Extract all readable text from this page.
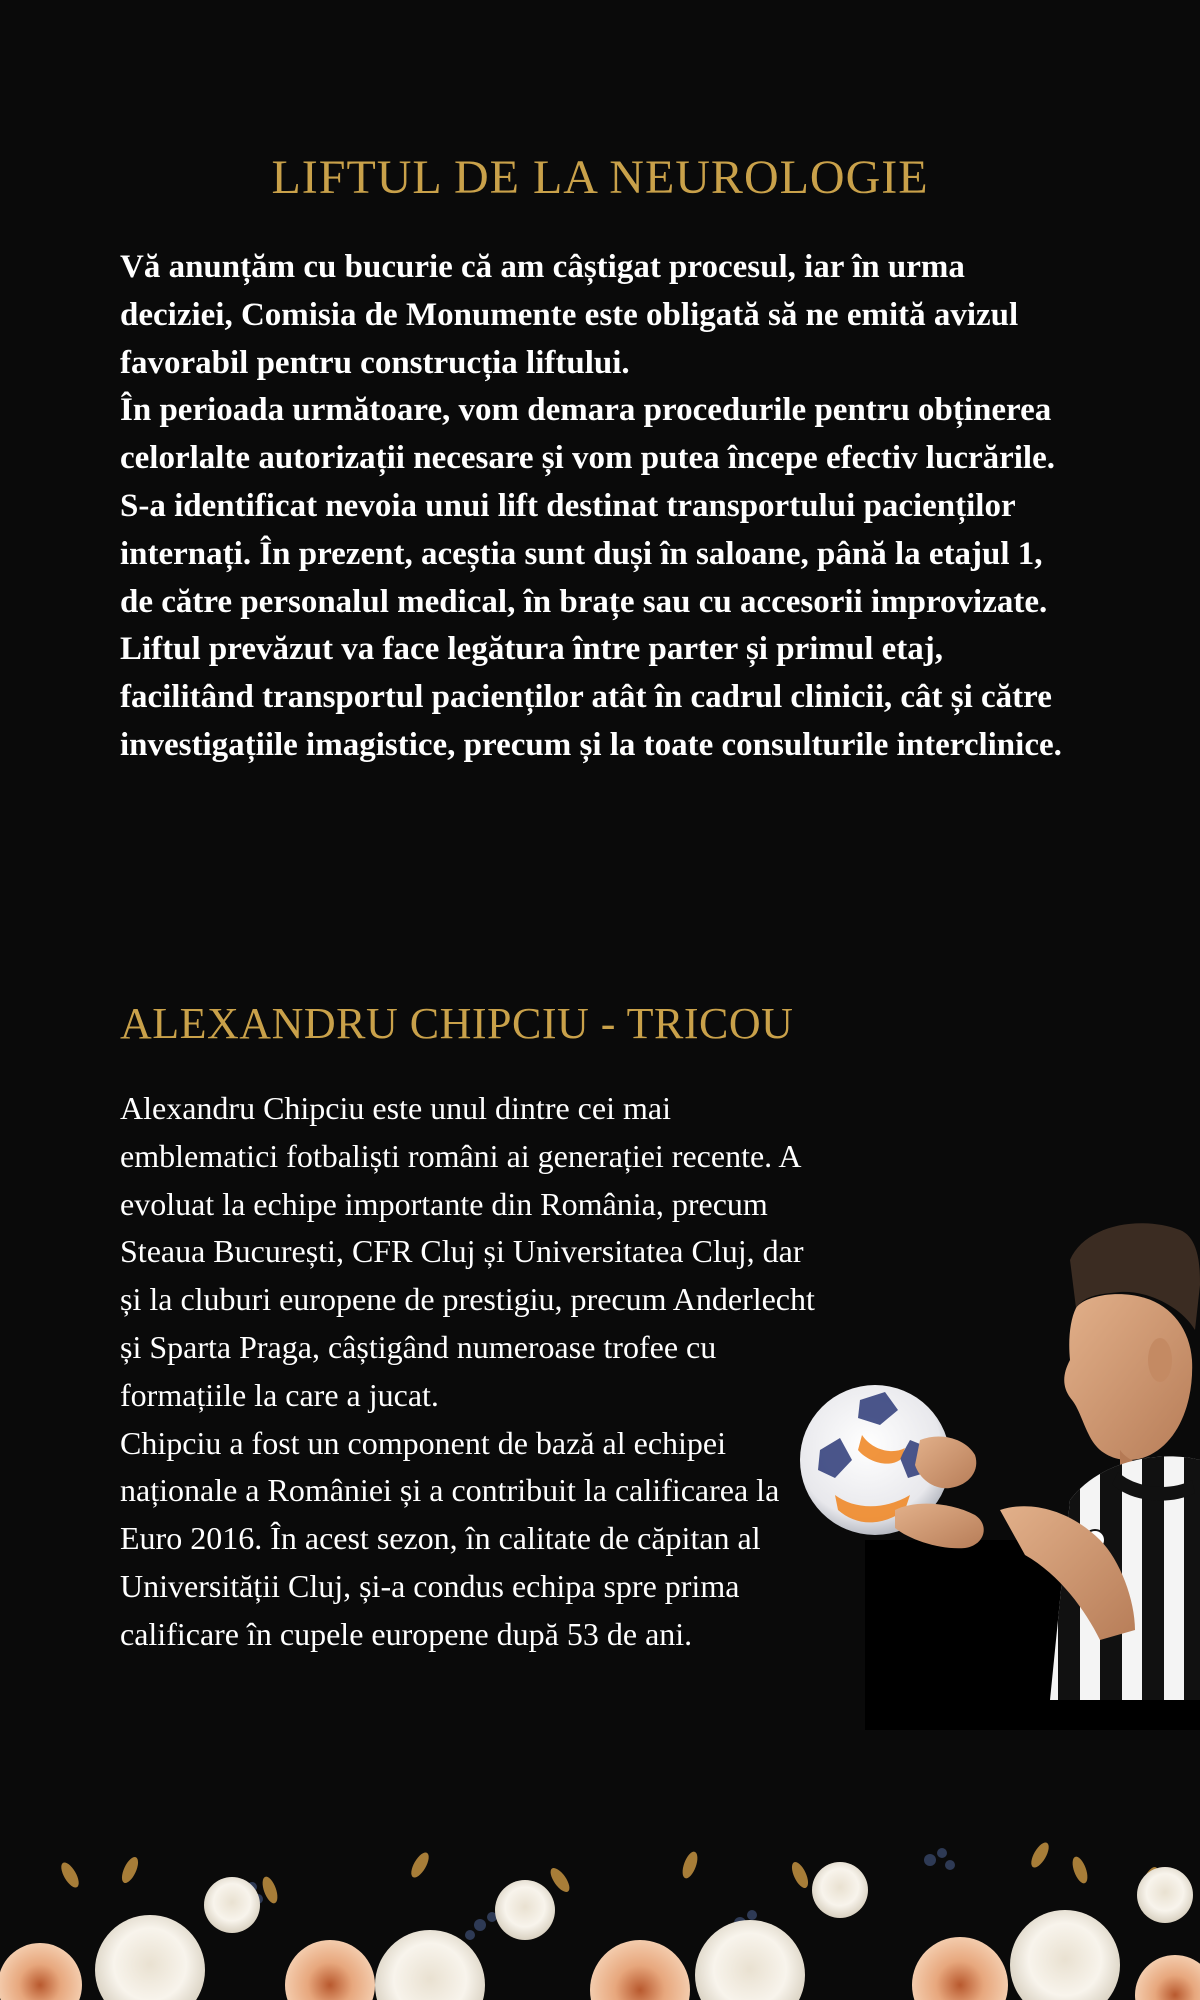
LIFTUL DE LA NEUROLOGIE

Vă anunțăm cu bucurie că am câștigat procesul, iar în urma deciziei, Comisia de Monumente este obligată să ne emită avizul favorabil pentru construcția liftului.

În perioada următoare, vom demara procedurile pentru obținerea celorlalte autorizații necesare și vom putea începe efectiv lucrările.

S-a identificat nevoia unui lift destinat transportului pacienților internați. În prezent, aceștia sunt duși în saloane, până la etajul 1, de către personalul medical, în brațe sau cu accesorii improvizate. Liftul prevăzut va face legătura între parter și primul etaj, facilitând transportul pacienților atât în cadrul clinicii, cât și către investigațiile imagistice, precum și la toate consulturile interclinice.

ALEXANDRU CHIPCIU - TRICOU

Alexandru Chipciu este unul dintre cei mai emblematici fotbaliști români ai generației recente. A evoluat la echipe importante din România, precum Steaua București, CFR Cluj și Universitatea Cluj, dar și la cluburi europene de prestigiu, precum Anderlecht și Sparta Praga, câștigând numeroase trofee cu formațiile la care a jucat.

Chipciu a fost un component de bază al echipei naționale a României și a contribuit la calificarea la Euro 2016. În acest sezon, în calitate de căpitan al Universității Cluj, și-a condus echipa spre prima calificare în cupele europene după 53 de ani.
